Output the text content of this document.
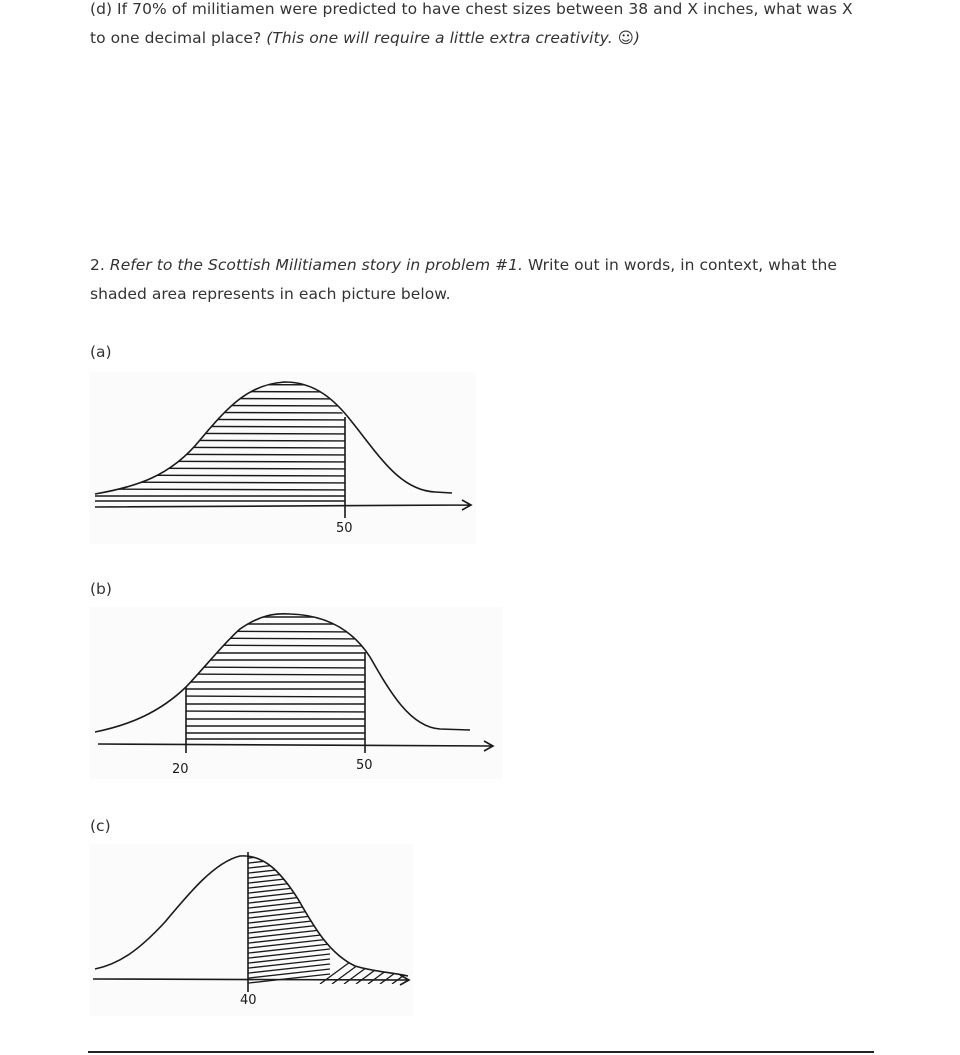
(d) If 70% of militiamen were predicted to have chest sizes between 38 and X inches, what was X
to one decimal place? (This one will require a little extra creativity. ☺)
2. Refer to the Scottish Militiamen story in problem #1. Write out in words, in context, what the
shaded area represents in each picture below.
(a)
50
(b)
20	50
(c)
40
